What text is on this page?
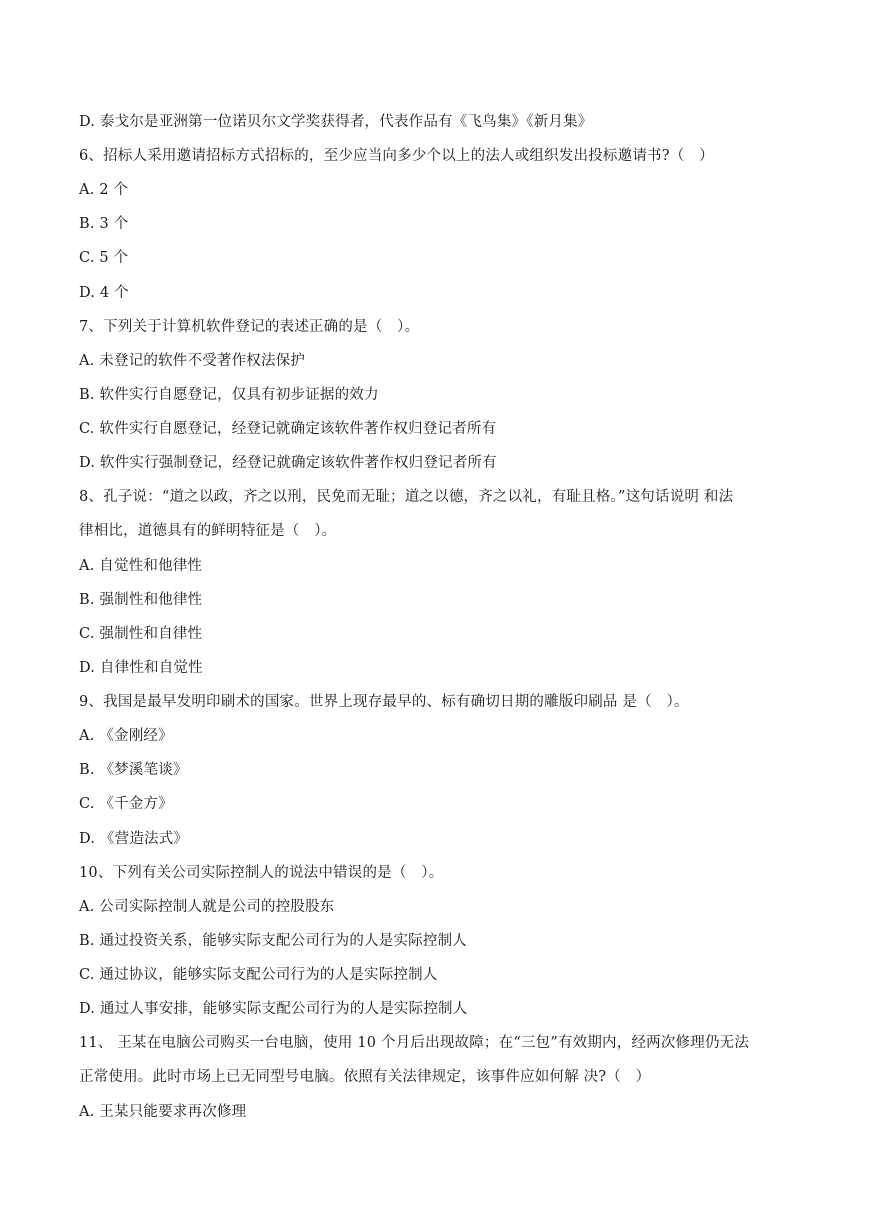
D. 泰戈尔是亚洲第一位诺贝尔文学奖获得者，代表作品有《飞鸟集》《新月集》
6、招标人采用邀请招标方式招标的，至少应当向多少个以上的法人或组织发出投标邀请书?（　）
A. 2 个
B. 3 个
C. 5 个
D. 4 个
7、下列关于计算机软件登记的表述正确的是（　）。
A. 未登记的软件不受著作权法保护
B. 软件实行自愿登记，仅具有初步证据的效力
C. 软件实行自愿登记，经登记就确定该软件著作权归登记者所有
D. 软件实行强制登记，经登记就确定该软件著作权归登记者所有
8、孔子说：“道之以政，齐之以刑，民免而无耻；道之以德，齐之以礼，有耻且格。”这句话说明 和法
律相比，道德具有的鲜明特征是（　）。
A. 自觉性和他律性
B. 强制性和他律性
C. 强制性和自律性
D. 自律性和自觉性
9、我国是最早发明印刷术的国家。世界上现存最早的、标有确切日期的雕版印刷品 是（　）。
A. 《金刚经》
B. 《梦溪笔谈》
C. 《千金方》
D. 《营造法式》
10、下列有关公司实际控制人的说法中错误的是（　）。
A. 公司实际控制人就是公司的控股股东
B. 通过投资关系，能够实际支配公司行为的人是实际控制人
C. 通过协议，能够实际支配公司行为的人是实际控制人
D. 通过人事安排，能够实际支配公司行为的人是实际控制人
11、 王某在电脑公司购买一台电脑，使用 10 个月后出现故障；在“三包”有效期内，经两次修理仍无法
正常使用。此时市场上已无同型号电脑。依照有关法律规定，该事件应如何解 决?（　）
A. 王某只能要求再次修理
